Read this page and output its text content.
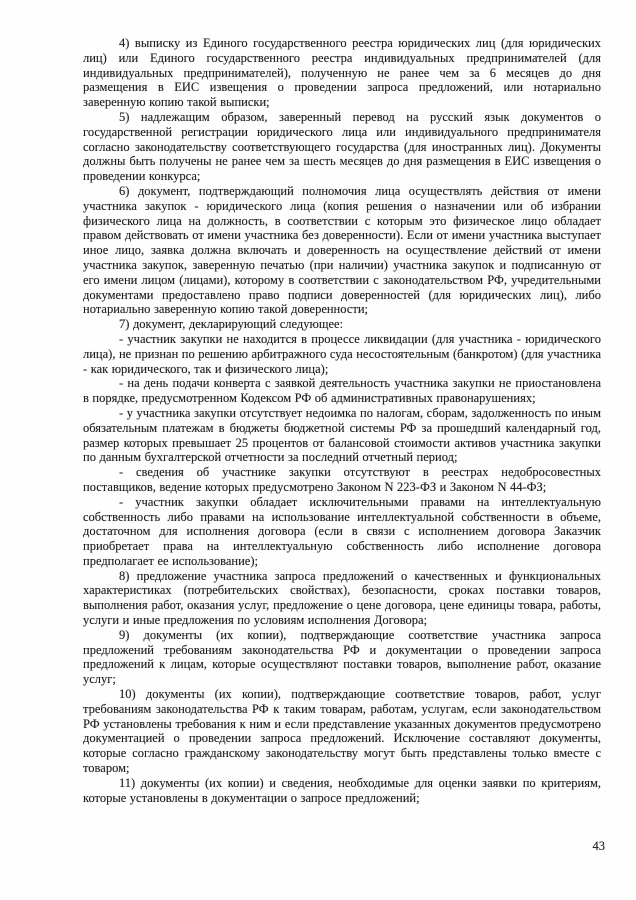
4) выписку из Единого государственного реестра юридических лиц (для юридических лиц) или Единого государственного реестра индивидуальных предпринимателей (для индивидуальных предпринимателей), полученную не ранее чем за 6 месяцев до дня размещения в ЕИС извещения о проведении запроса предложений, или нотариально заверенную копию такой выписки;

5) надлежащим образом, заверенный перевод на русский язык документов о государственной регистрации юридического лица или индивидуального предпринимателя согласно законодательству соответствующего государства (для иностранных лиц). Документы должны быть получены не ранее чем за шесть месяцев до дня размещения в ЕИС извещения о проведении конкурса;

6) документ, подтверждающий полномочия лица осуществлять действия от имени участника закупок - юридического лица (копия решения о назначении или об избрании физического лица на должность, в соответствии с которым это физическое лицо обладает правом действовать от имени участника без доверенности). Если от имени участника выступает иное лицо, заявка должна включать и доверенность на осуществление действий от имени участника закупок, заверенную печатью (при наличии) участника закупок и подписанную от его имени лицом (лицами), которому в соответствии с законодательством РФ, учредительными документами предоставлено право подписи доверенностей (для юридических лиц), либо нотариально заверенную копию такой доверенности;

7) документ, декларирующий следующее:

- участник закупки не находится в процессе ликвидации (для участника - юридического лица), не признан по решению арбитражного суда несостоятельным (банкротом) (для участника - как юридического, так и физического лица);

- на день подачи конверта с заявкой деятельность участника закупки не приостановлена в порядке, предусмотренном Кодексом РФ об административных правонарушениях;

- у участника закупки отсутствует недоимка по налогам, сборам, задолженность по иным обязательным платежам в бюджеты бюджетной системы РФ за прошедший календарный год, размер которых превышает 25 процентов от балансовой стоимости активов участника закупки по данным бухгалтерской отчетности за последний отчетный период;

- сведения об участнике закупки отсутствуют в реестрах недобросовестных поставщиков, ведение которых предусмотрено Законом N 223-ФЗ и Законом N 44-ФЗ;

- участник закупки обладает исключительными правами на интеллектуальную собственность либо правами на использование интеллектуальной собственности в объеме, достаточном для исполнения договора (если в связи с исполнением договора Заказчик приобретает права на интеллектуальную собственность либо исполнение договора предполагает ее использование);

8) предложение участника запроса предложений о качественных и функциональных характеристиках (потребительских свойствах), безопасности, сроках поставки товаров, выполнения работ, оказания услуг, предложение о цене договора, цене единицы товара, работы, услуги и иные предложения по условиям исполнения Договора;

9) документы (их копии), подтверждающие соответствие участника запроса предложений требованиям законодательства РФ и документации о проведении запроса предложений к лицам, которые осуществляют поставки товаров, выполнение работ, оказание услуг;

10) документы (их копии), подтверждающие соответствие товаров, работ, услуг требованиям законодательства РФ к таким товарам, работам, услугам, если законодательством РФ установлены требования к ним и если представление указанных документов предусмотрено документацией о проведении запроса предложений. Исключение составляют документы, которые согласно гражданскому законодательству могут быть представлены только вместе с товаром;

11) документы (их копии) и сведения, необходимые для оценки заявки по критериям, которые установлены в документации о запросе предложений;

43
